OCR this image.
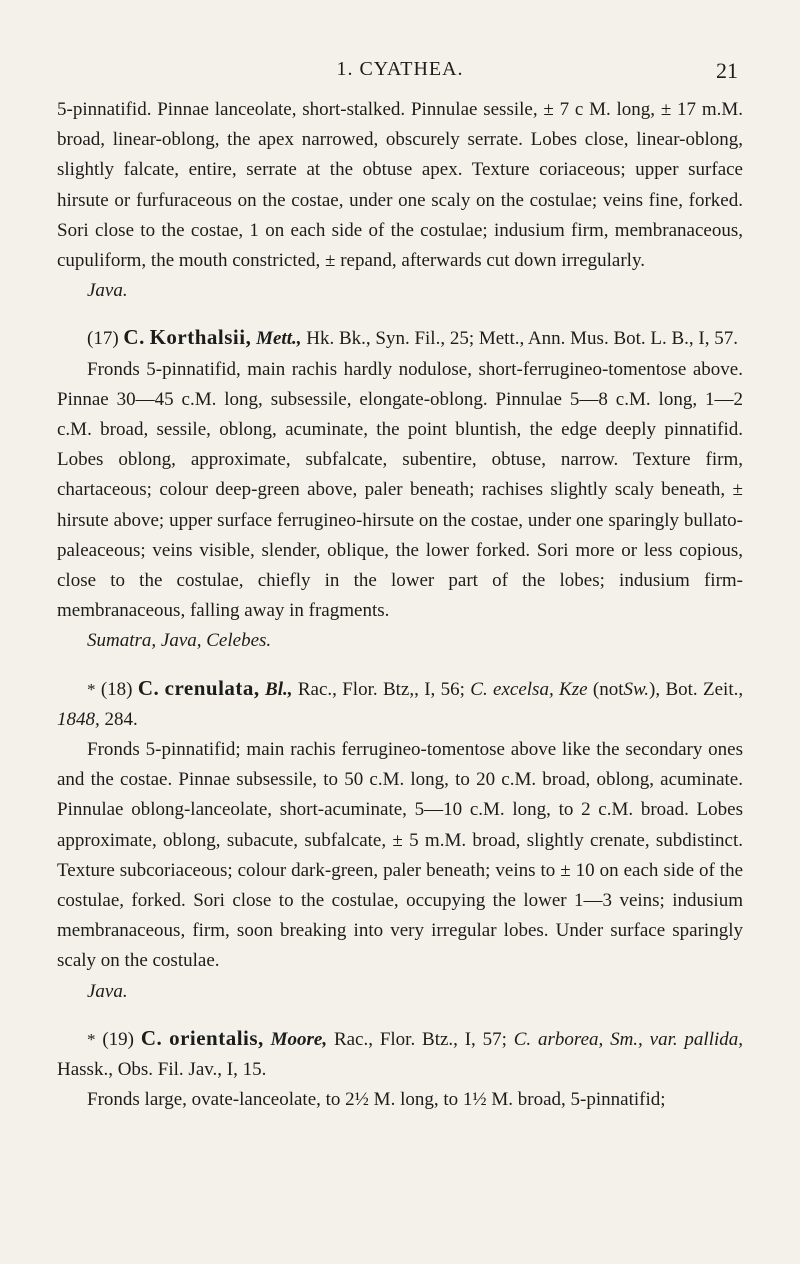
1. CYATHEA.	21

5-pinnatifid. Pinnae lanceolate, short-stalked. Pinnulae sessile, ± 7 c M. long, ± 17 m.M. broad, linear-oblong, the apex narrowed, obscurely serrate. Lobes close, linear-oblong, slightly falcate, entire, serrate at the obtuse apex. Texture coriaceous; upper surface hirsute or furfuraceous on the costae, under one scaly on the costulae; veins fine, forked. Sori close to the costae, 1 on each side of the costulae; indusium firm, membranaceous, cupuliform, the mouth constricted, ± repand, afterwards cut down irregularly.

Java.

(17) C. Korthalsii, Mett., Hk. Bk., Syn. Fil., 25; Mett., Ann. Mus. Bot. L. B., I, 57.

Fronds 5-pinnatifid, main rachis hardly nodulose, short-ferrugineo-tomentose above. Pinnae 30—45 c.M. long, subsessile, elongate-oblong. Pinnulae 5—8 c.M. long, 1—2 c.M. broad, sessile, oblong, acuminate, the point bluntish, the edge deeply pinnatifid. Lobes oblong, approximate, subfalcate, subentire, obtuse, narrow. Texture firm, chartaceous; colour deep-green above, paler beneath; rachises slightly scaly beneath, ± hirsute above; upper surface ferrugineo-hirsute on the costae, under one sparingly bullato-paleaceous; veins visible, slender, oblique, the lower forked. Sori more or less copious, close to the costulae, chiefly in the lower part of the lobes; indusium firm-membranaceous, falling away in fragments.

Sumatra, Java, Celebes.

* (18) C. crenulata, Bl., Rac., Flor. Btz,, I, 56; C. excelsa, Kze (notSw.), Bot. Zeit., 1848, 284.

Fronds 5-pinnatifid; main rachis ferrugineo-tomentose above like the secondary ones and the costae. Pinnae subsessile, to 50 c.M. long, to 20 c.M. broad, oblong, acuminate. Pinnulae oblong-lanceolate, short-acuminate, 5—10 c.M. long, to 2 c.M. broad. Lobes approximate, oblong, subacute, subfalcate, ± 5 m.M. broad, slightly crenate, subdistinct. Texture subcoriaceous; colour dark-green, paler beneath; veins to ± 10 on each side of the costulae, forked. Sori close to the costulae, occupying the lower 1—3 veins; indusium membranaceous, firm, soon breaking into very irregular lobes. Under surface sparingly scaly on the costulae.

Java.

* (19) C. orientalis, Moore, Rac., Flor. Btz., I, 57; C. arborea, Sm., var. pallida, Hassk., Obs. Fil. Jav., I, 15.

Fronds large, ovate-lanceolate, to 2½ M. long, to 1½ M. broad, 5-pinnatifid;
